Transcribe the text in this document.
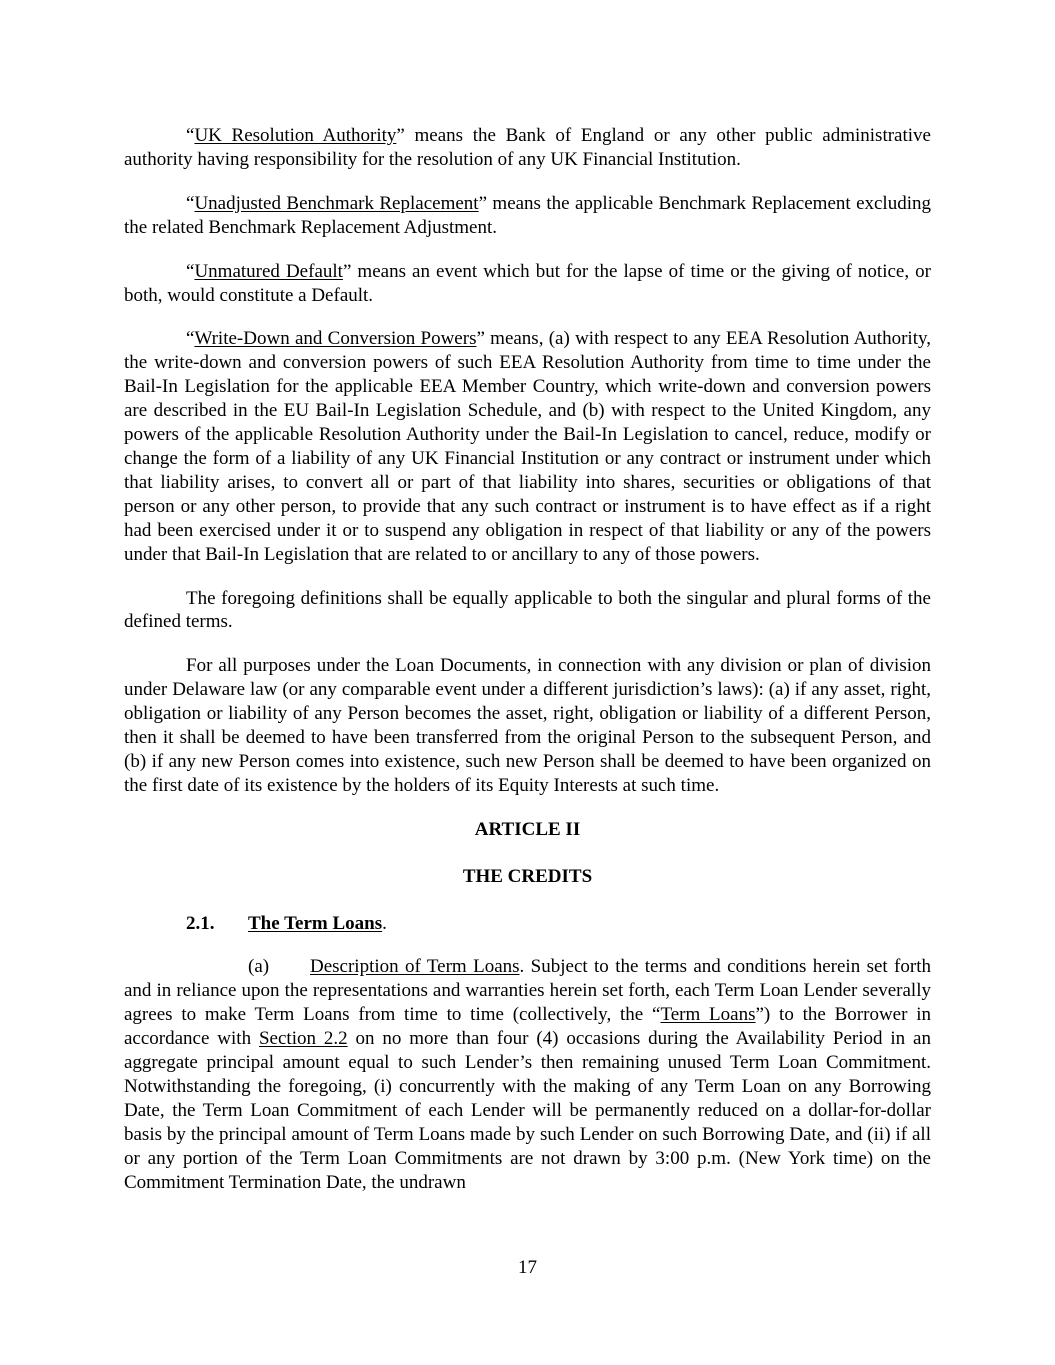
“UK Resolution Authority” means the Bank of England or any other public administrative authority having responsibility for the resolution of any UK Financial Institution.

“Unadjusted Benchmark Replacement” means the applicable Benchmark Replacement excluding the related Benchmark Replacement Adjustment.

“Unmatured Default” means an event which but for the lapse of time or the giving of notice, or both, would constitute a Default.

“Write-Down and Conversion Powers” means, (a) with respect to any EEA Resolution Authority, the write-down and conversion powers of such EEA Resolution Authority from time to time under the Bail-In Legislation for the applicable EEA Member Country, which write-down and conversion powers are described in the EU Bail-In Legislation Schedule, and (b) with respect to the United Kingdom, any powers of the applicable Resolution Authority under the Bail-In Legislation to cancel, reduce, modify or change the form of a liability of any UK Financial Institution or any contract or instrument under which that liability arises, to convert all or part of that liability into shares, securities or obligations of that person or any other person, to provide that any such contract or instrument is to have effect as if a right had been exercised under it or to suspend any obligation in respect of that liability or any of the powers under that Bail-In Legislation that are related to or ancillary to any of those powers.

The foregoing definitions shall be equally applicable to both the singular and plural forms of the defined terms.

For all purposes under the Loan Documents, in connection with any division or plan of division under Delaware law (or any comparable event under a different jurisdiction’s laws): (a) if any asset, right, obligation or liability of any Person becomes the asset, right, obligation or liability of a different Person, then it shall be deemed to have been transferred from the original Person to the subsequent Person, and (b) if any new Person comes into existence, such new Person shall be deemed to have been organized on the first date of its existence by the holders of its Equity Interests at such time.

ARTICLE II
THE CREDITS
2.1. The Term Loans.

(a) Description of Term Loans. Subject to the terms and conditions herein set forth and in reliance upon the representations and warranties herein set forth, each Term Loan Lender severally agrees to make Term Loans from time to time (collectively, the “Term Loans”) to the Borrower in accordance with Section 2.2 on no more than four (4) occasions during the Availability Period in an aggregate principal amount equal to such Lender’s then remaining unused Term Loan Commitment. Notwithstanding the foregoing, (i) concurrently with the making of any Term Loan on any Borrowing Date, the Term Loan Commitment of each Lender will be permanently reduced on a dollar-for-dollar basis by the principal amount of Term Loans made by such Lender on such Borrowing Date, and (ii) if all or any portion of the Term Loan Commitments are not drawn by 3:00 p.m. (New York time) on the Commitment Termination Date, the undrawn

17
